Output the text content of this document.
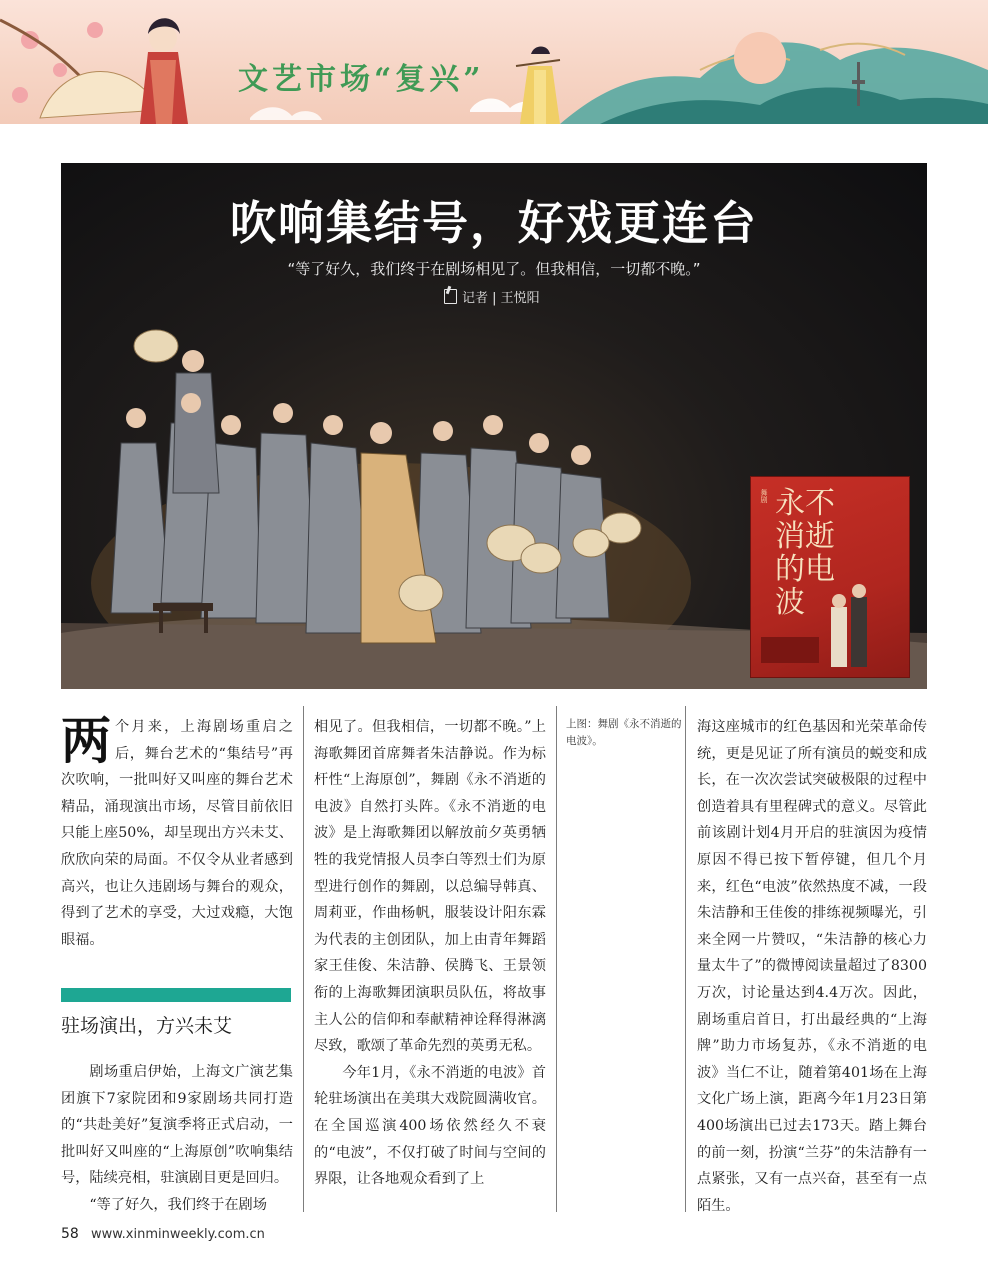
文艺市场“复兴”
吹响集结号，好戏更连台
“等了好久，我们终于在剧场相见了。但我相信，一切都不晚。”
记者 | 王悦阳
舞剧 永不消逝的电波

两个月来，上海剧场重启之后，舞台艺术的“集结号”再次吹响，一批叫好又叫座的舞台艺术精品，涌现演出市场，尽管目前依旧只能上座50%，却呈现出方兴未艾、欣欣向荣的局面。不仅令从业者感到高兴，也让久违剧场与舞台的观众，得到了艺术的享受，大过戏瘾，大饱眼福。

驻场演出，方兴未艾

剧场重启伊始，上海文广演艺集团旗下7家院团和9家剧场共同打造的“共赴美好”复演季将正式启动，一批叫好又叫座的“上海原创”吹响集结号，陆续亮相，驻演剧目更是回归。

“等了好久，我们终于在剧场

相见了。但我相信，一切都不晚。”上海歌舞团首席舞者朱洁静说。作为标杆性“上海原创”，舞剧《永不消逝的电波》自然打头阵。《永不消逝的电波》是上海歌舞团以解放前夕英勇牺牲的我党情报人员李白等烈士们为原型进行创作的舞剧，以总编导韩真、周莉亚，作曲杨帆，服装设计阳东霖为代表的主创团队，加上由青年舞蹈家王佳俊、朱洁静、侯腾飞、王景领衔的上海歌舞团演职员队伍，将故事主人公的信仰和奉献精神诠释得淋漓尽致，歌颂了革命先烈的英勇无私。

今年1月，《永不消逝的电波》首轮驻场演出在美琪大戏院圆满收官。在全国巡演400场依然经久不衰的“电波”，不仅打破了时间与空间的界限，让各地观众看到了上

上图：舞剧《永不消逝的电波》。

海这座城市的红色基因和光荣革命传统，更是见证了所有演员的蜕变和成长，在一次次尝试突破极限的过程中创造着具有里程碑式的意义。尽管此前该剧计划4月开启的驻演因为疫情原因不得已按下暂停键，但几个月来，红色“电波”依然热度不减，一段朱洁静和王佳俊的排练视频曝光，引来全网一片赞叹，“朱洁静的核心力量太牛了”的微博阅读量超过了8300万次，讨论量达到4.4万次。因此，剧场重启首日，打出最经典的“上海牌”助力市场复苏，《永不消逝的电波》当仁不让，随着第401场在上海文化广场上演，距离今年1月23日第400场演出已过去173天。踏上舞台的前一刻，扮演“兰芬”的朱洁静有一点紧张，又有一点兴奋，甚至有一点陌生。

58 www.xinminweekly.com.cn
